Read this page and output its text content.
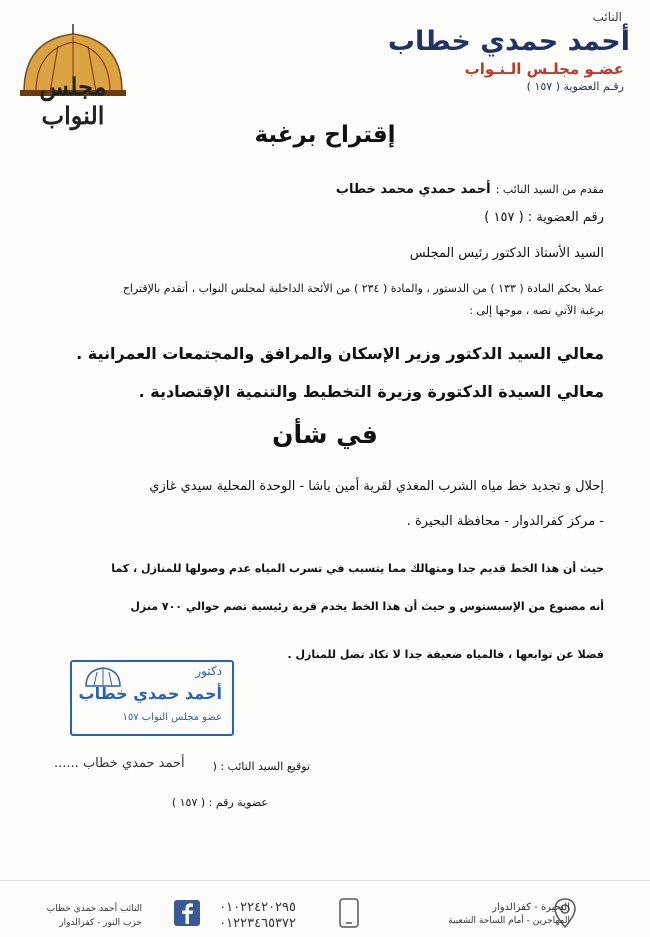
النائب
أحمد حمدي خطاب
عضـو مجلـس الـنـواب
رقـم العضوية ( ١٥٧ )
مجلس النواب
إقتراح برغبة
مقدم من السيد النائب : أحمد حمدي محمد خطاب
رقم العضوية : ( ١٥٧ )
السيد الأستاذ الدكتور رئيس المجلس
عملا بحكم المادة ( ١٣٣ ) من الدستور ، والمادة ( ٢٣٤ ) من الأئحة الداخلية لمجلس النواب ، أتقدم بالإقتراح
برغبة الآتي نصه ، موجها إلى :
معالي السيد الدكتور وزير الإسكان والمرافق والمجتمعات العمرانية .
معالي السيدة الدكتورة وزيرة التخطيط والتنمية الإقتصادية .
في شأن
إحلال و تجديد خط مياه الشرب المغذي لقرية أمين باشا - الوحدة المحلية سيدي غازي
- مركز كفرالدوار - محافظة البحيرة .
حيث أن هذا الخط قديم جدا ومتهالك مما يتسبب في تسرب المياه عدم وصولها للمنازل ، كما
أنه مصنوع من الإسبستوس و حيث أن هذا الخط يخدم قرية رئيسية تضم حوالي ٧٠٠ منزل
فضلا عن توابعها ، فالمياه ضعيفة جدا لا تكاد تصل للمنازل .
دكتور
أحمد حمدي خطاب
عضو مجلس النواب ١٥٧
توقيع السيد النائب : (
...... أحمد حمدي خطاب
عضوية رقم : ( ١٥٧ )
البحيرة - كفرالدوار
المهاجرين - أمام الساحة الشعبية
٠١٠٢٢٤٢٠٢٩٥
٠١٢٢٣٤٦٥٣٧٢
النائب أحمد حمدي خطاب
حزب النور - كفرالدوار
